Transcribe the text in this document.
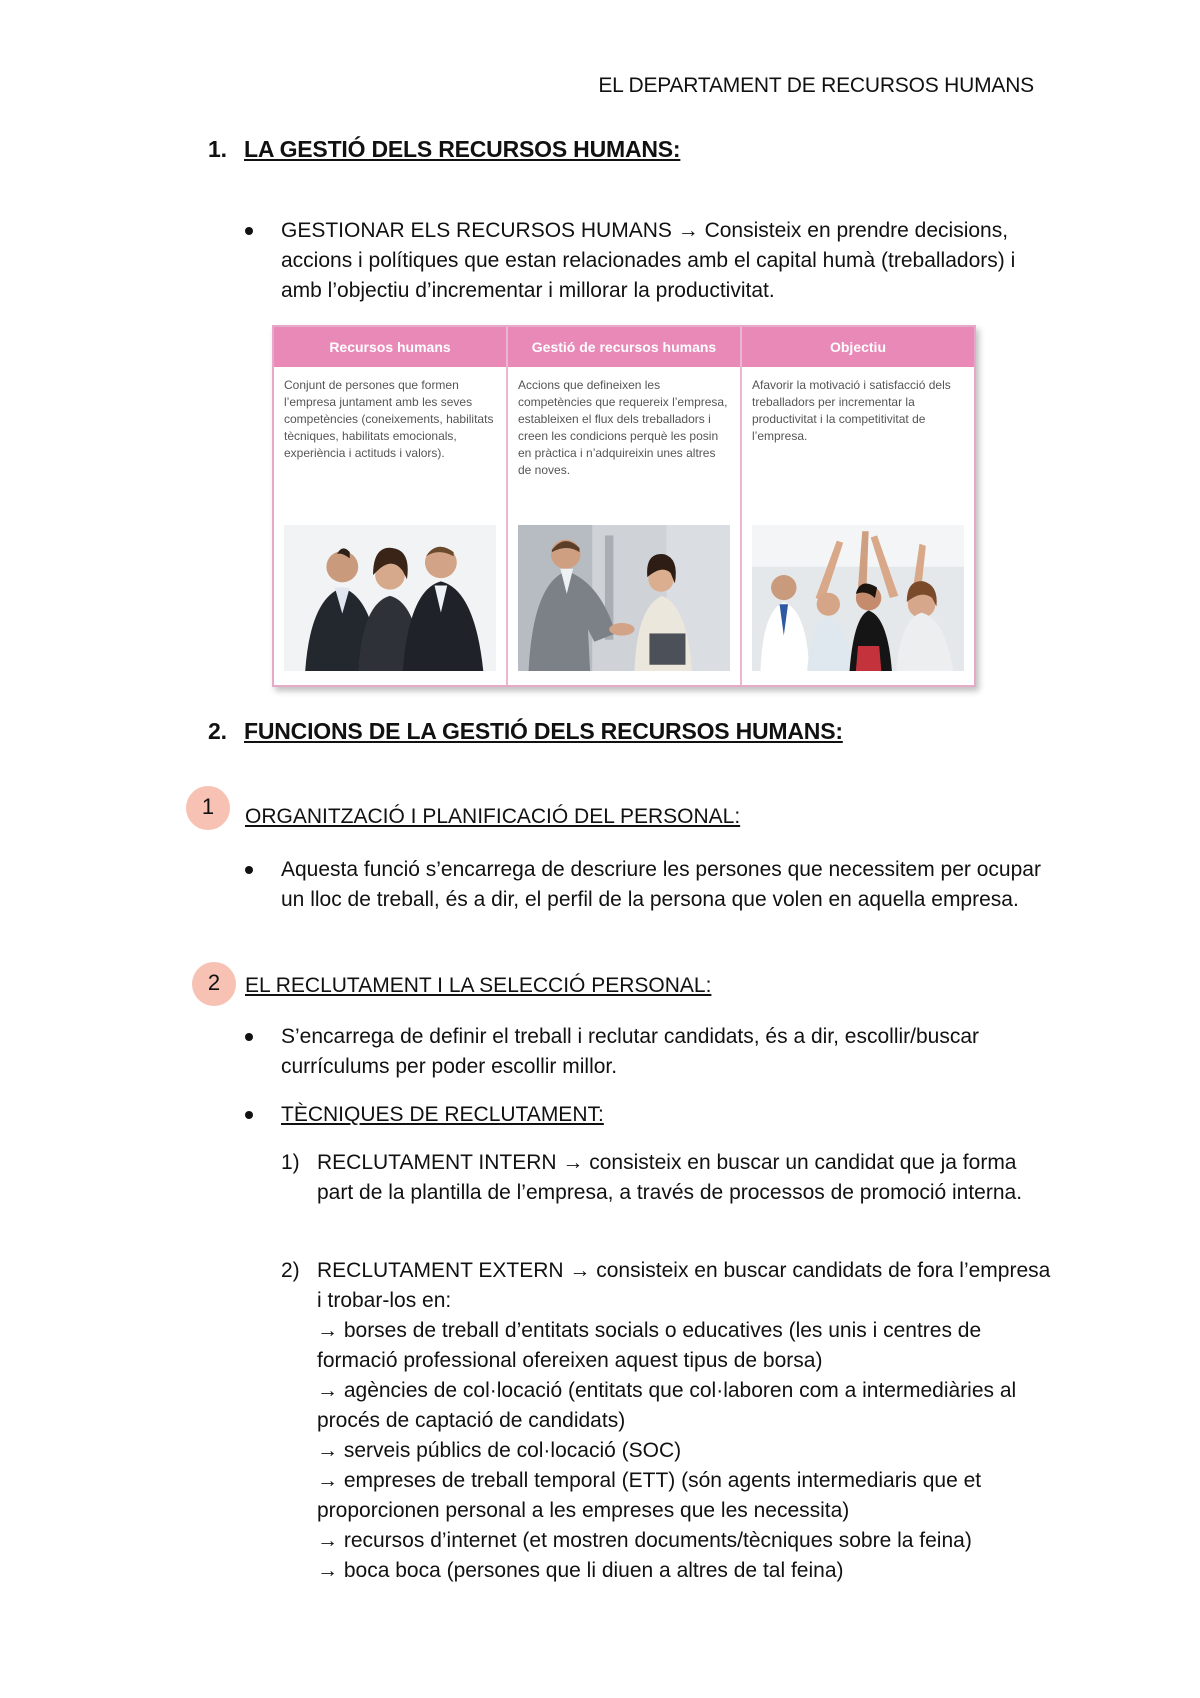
EL DEPARTAMENT DE RECURSOS HUMANS
1. LA GESTIÓ DELS RECURSOS HUMANS:
GESTIONAR ELS RECURSOS HUMANS → Consisteix en prendre decisions, accions i polítiques que estan relacionades amb el capital humà (treballadors) i amb l’objectiu d’incrementar i millorar la productivitat.
Recursos humans
Conjunt de persones que formen l’empresa juntament amb les seves competències (coneixements, habilitats tècniques, habilitats emocionals, experiència i actituds i valors).
Gestió de recursos humans
Accions que defineixen les competències que requereix l’empresa, estableixen el flux dels treballadors i creen les condicions perquè les posin en pràctica i n’adquireixin unes altres de noves.
Objectiu
Afavorir la motivació i satisfacció dels treballadors per incrementar la productivitat i la competitivitat de l’empresa.
2. FUNCIONS DE LA GESTIÓ DELS RECURSOS HUMANS:
1	ORGANITZACIÓ I PLANIFICACIÓ DEL PERSONAL:
Aquesta funció s’encarrega de descriure les persones que necessitem per ocupar un lloc de treball, és a dir, el perfil de la persona que volen en aquella empresa.
2	EL RECLUTAMENT I LA SELECCIÓ PERSONAL:
S’encarrega de definir el treball i reclutar candidats, és a dir, escollir/buscar currículums per poder escollir millor.
TÈCNIQUES DE RECLUTAMENT:
1) RECLUTAMENT INTERN → consisteix en buscar un candidat que ja forma part de la plantilla de l’empresa, a través de processos de promoció interna.
2) RECLUTAMENT EXTERN → consisteix en buscar candidats de fora l’empresa i trobar-los en:
→ borses de treball d’entitats socials o educatives (les unis i centres de formació professional ofereixen aquest tipus de borsa)
→ agències de col·locació (entitats que col·laboren com a intermediàries al procés de captació de candidats)
→ serveis públics de col·locació (SOC)
→ empreses de treball temporal (ETT) (són agents intermediaris que et proporcionen personal a les empreses que les necessita)
→ recursos d’internet (et mostren documents/tècniques sobre la feina)
→ boca boca (persones que li diuen a altres de tal feina)
